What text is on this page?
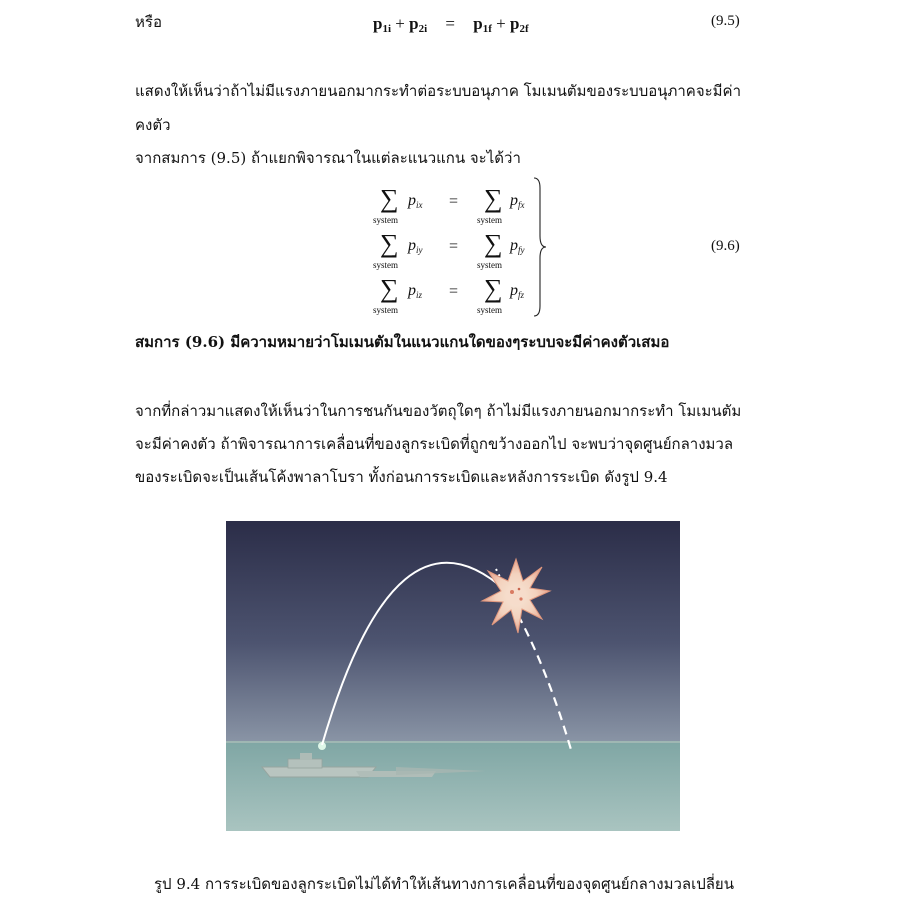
หรือ	$p_{1i} + p_{2i} = p_{1f} + p_{2f}$	(9.5)
แสดงให้เห็นว่าถ้าไม่มีแรงภายนอกมากระทำต่อระบบอนุภาค โมเมนตัมของระบบอนุภาคจะมีค่า
คงตัว
จากสมการ (9.5) ถ้าแยกพิจารณาในแต่ละแนวแกน จะได้ว่า
∑
system
$p_{ix}$ = ∑
system
$p_{fx}$
∑
system
$p_{iy}$ = ∑
system
$p_{fy}$
∑
system
$p_{iz}$ = ∑
system
$p_{fz}$
(9.6)
สมการ (9.6) มีความหมายว่าโมเมนตัมในแนวแกนใดของๆระบบจะมีค่าคงตัวเสมอ
จากที่กล่าวมาแสดงให้เห็นว่าในการชนกันของวัตถุใดๆ ถ้าไม่มีแรงภายนอกมากระทำ โมเมนตัม
จะมีค่าคงตัว ถ้าพิจารณาการเคลื่อนที่ของลูกระเบิดที่ถูกขว้างออกไป จะพบว่าจุดศูนย์กลางมวล
ของระเบิดจะเป็นเส้นโค้งพาลาโบรา ทั้งก่อนการระเบิดและหลังการระเบิด ดังรูป 9.4
รูป 9.4 การระเบิดของลูกระเบิดไม่ได้ทำให้เส้นทางการเคลื่อนที่ของจุดศูนย์กลางมวลเปลี่ยน
